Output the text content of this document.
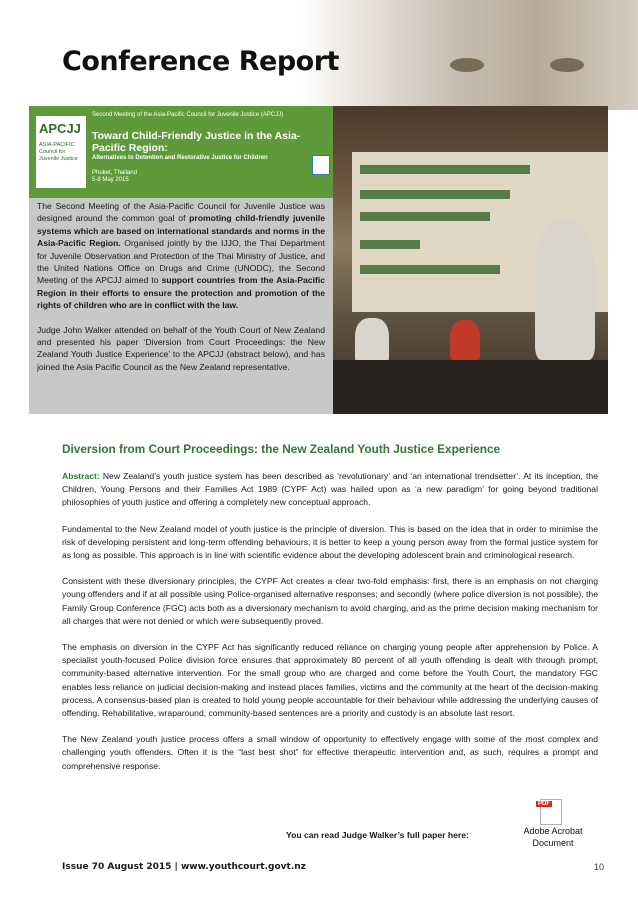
Conference Report
APCJJ
ASIA-PACIFIC Council for Juvenile Justice
Second Meeting of the Asia-Pacific Council for Juvenile Justice (APCJJ)
Toward Child-Friendly Justice in the Asia-Pacific Region:
Alternatives to Detention and Restorative Justice for Children
Phuket, Thailand
5-8 May 2015

The Second Meeting of the Asia-Pacific Council for Juvenile Justice was designed around the common goal of promoting child-friendly juvenile systems which are based on international standards and norms in the Asia-Pacific Region. Organised jointly by the IJJO, the Thai Department for Juvenile Observation and Protection of the Thai Ministry of Justice, and the United Nations Office on Drugs and Crime (UNODC), the Second Meeting of the APCJJ aimed to support countries from the Asia-Pacific Region in their efforts to ensure the protection and promotion of the rights of children who are in conflict with the law.

Judge John Walker attended on behalf of the Youth Court of New Zealand and presented his paper ‘Diversion from Court Proceedings: the New Zealand Youth Justice Experience’ to the APCJJ (abstract below), and has joined the Asia Pacific Council as the New Zealand representative.

Diversion from Court Proceedings: the New Zealand Youth Justice Experience

Abstract: New Zealand’s youth justice system has been described as ‘revolutionary’ and ‘an international trendsetter’. At its inception, the Children, Young Persons and their Families Act 1989 (CYPF Act) was hailed upon as ‘a new paradigm’ for going beyond traditional philosophies of youth justice and offering a completely new conceptual approach.

Fundamental to the New Zealand model of youth justice is the principle of diversion. This is based on the idea that in order to minimise the risk of developing persistent and long-term offending behaviours, it is better to keep a young person away from the formal justice system for as long as possible. This approach is in line with scientific evidence about the developing adolescent brain and criminological research.

Consistent with these diversionary principles, the CYPF Act creates a clear two-fold emphasis: first, there is an emphasis on not charging young offenders and if at all possible using Police-organised alternative responses; and secondly (where police diversion is not possible), the Family Group Conference (FGC) acts both as a diversionary mechanism to avoid charging, and as the prime decision making mechanism for all charges that were not denied or which were subsequently proved.

The emphasis on diversion in the CYPF Act has significantly reduced reliance on charging young people after apprehension by Police. A specialist youth-focused Police division force ensures that approximately 80 percent of all youth offending is dealt with through prompt, community-based alternative intervention. For the small group who are charged and come before the Youth Court, the mandatory FGC enables less reliance on judicial decision-making and instead places families, victims and the community at the heart of the decision-making process. A consensus-based plan is created to hold young people accountable for their behaviour while addressing the underlying causes of offending. Rehabilitative, wraparound, community-based sentences are a priority and custody is an absolute last resort.

The New Zealand youth justice process offers a small window of opportunity to effectively engage with some of the most complex and challenging youth offenders. Often it is the “last best shot” for effective therapeutic intervention and, as such, requires a prompt and comprehensive response.

You can read Judge Walker’s full paper here:
PDF
Adobe Acrobat
Document
Issue 70 August 2015 | www.youthcourt.govt.nz	10
